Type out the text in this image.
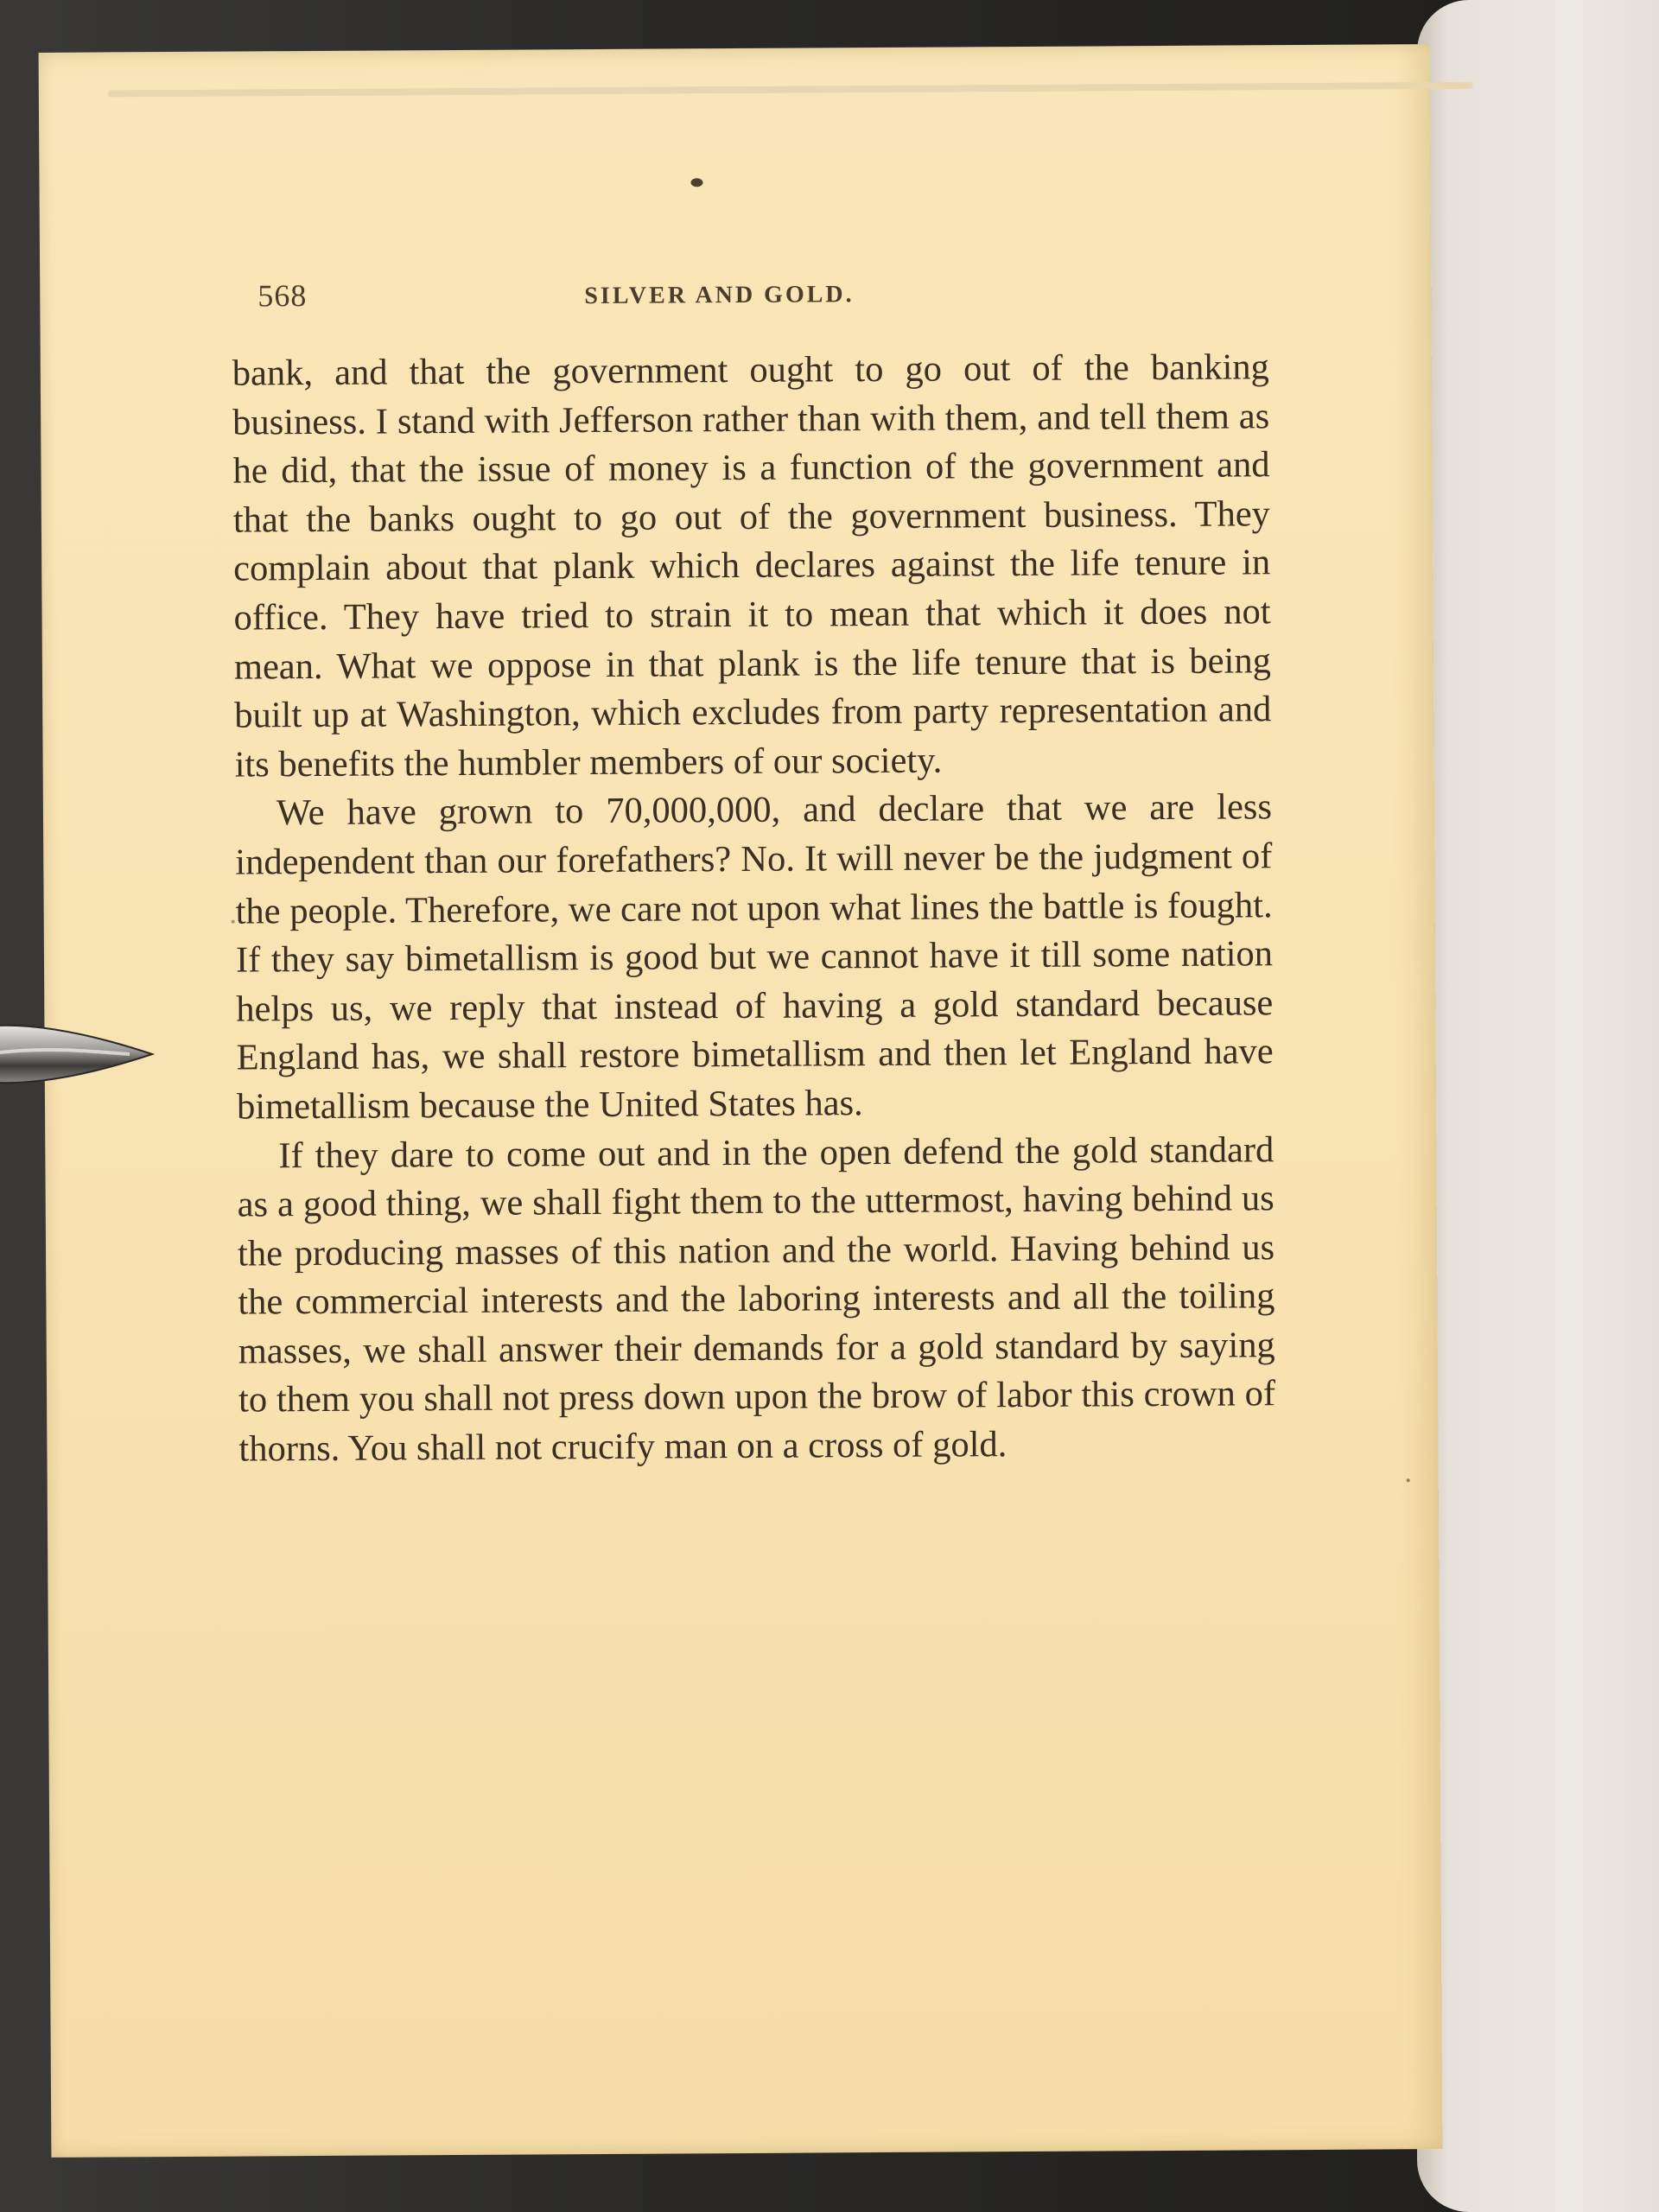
568	SILVER AND GOLD.

bank, and that the government ought to go out of the banking business. I stand with Jefferson rather than with them, and tell them as he did, that the issue of money is a function of the government and that the banks ought to go out of the government business. They complain about that plank which declares against the life tenure in office. They have tried to strain it to mean that which it does not mean. What we oppose in that plank is the life tenure that is being built up at Washington, which excludes from party representation and its benefits the humbler members of our society.

We have grown to 70,000,000, and declare that we are less independent than our forefathers? No. It will never be the judgment of the people. Therefore, we care not upon what lines the battle is fought. If they say bimetallism is good but we cannot have it till some nation helps us, we reply that instead of having a gold standard because England has, we shall restore bimetallism and then let England have bimetallism because the United States has.

If they dare to come out and in the open defend the gold standard as a good thing, we shall fight them to the uttermost, having behind us the producing masses of this nation and the world. Having behind us the commercial interests and the laboring interests and all the toiling masses, we shall answer their demands for a gold standard by saying to them you shall not press down upon the brow of labor this crown of thorns. You shall not crucify man on a cross of gold.
